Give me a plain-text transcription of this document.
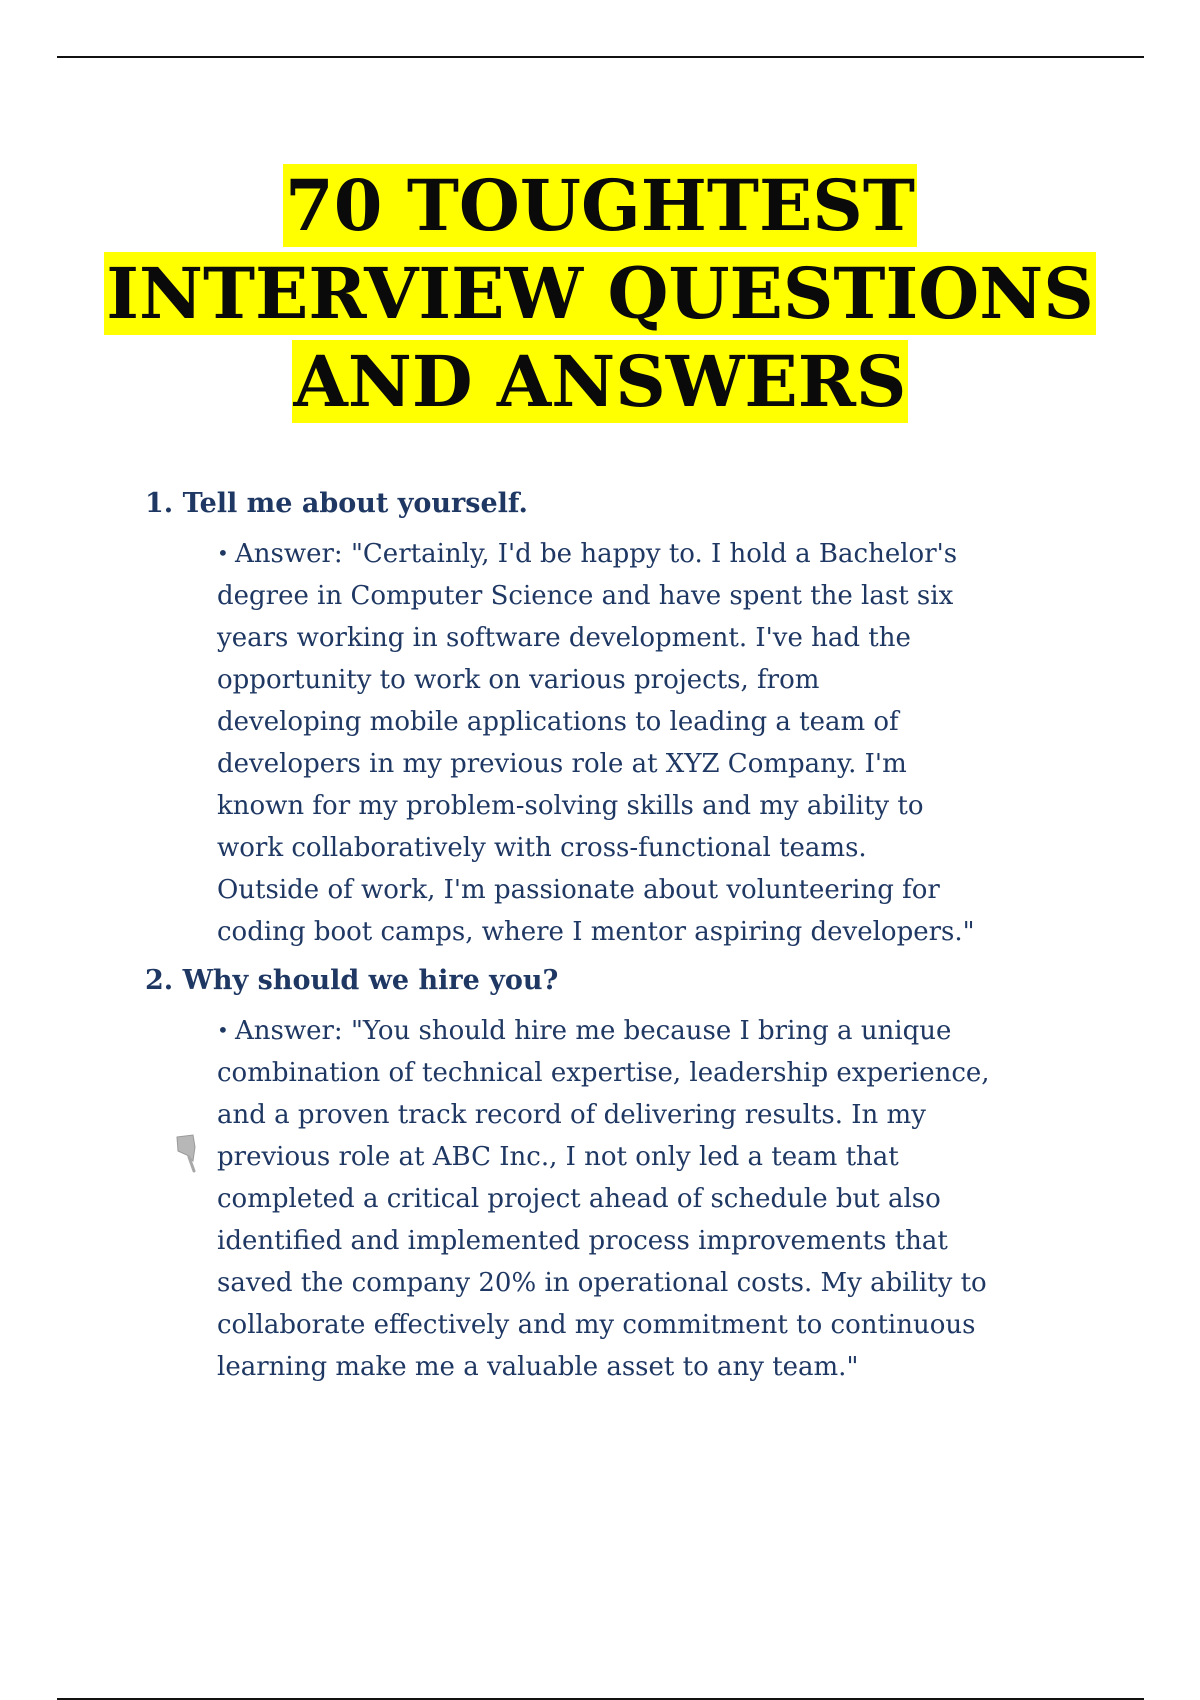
70 TOUGHTEST
INTERVIEW QUESTIONS
AND ANSWERS

1. Tell me about yourself.

• Answer: "Certainly, I'd be happy to. I hold a Bachelor's
degree in Computer Science and have spent the last six
years working in software development. I've had the
opportunity to work on various projects, from
developing mobile applications to leading a team of
developers in my previous role at XYZ Company. I'm
known for my problem-solving skills and my ability to
work collaboratively with cross-functional teams.
Outside of work, I'm passionate about volunteering for
coding boot camps, where I mentor aspiring developers."

2. Why should we hire you?

• Answer: "You should hire me because I bring a unique
combination of technical expertise, leadership experience,
and a proven track record of delivering results. In my
previous role at ABC Inc., I not only led a team that
completed a critical project ahead of schedule but also
identified and implemented process improvements that
saved the company 20% in operational costs. My ability to
collaborate effectively and my commitment to continuous
learning make me a valuable asset to any team."
